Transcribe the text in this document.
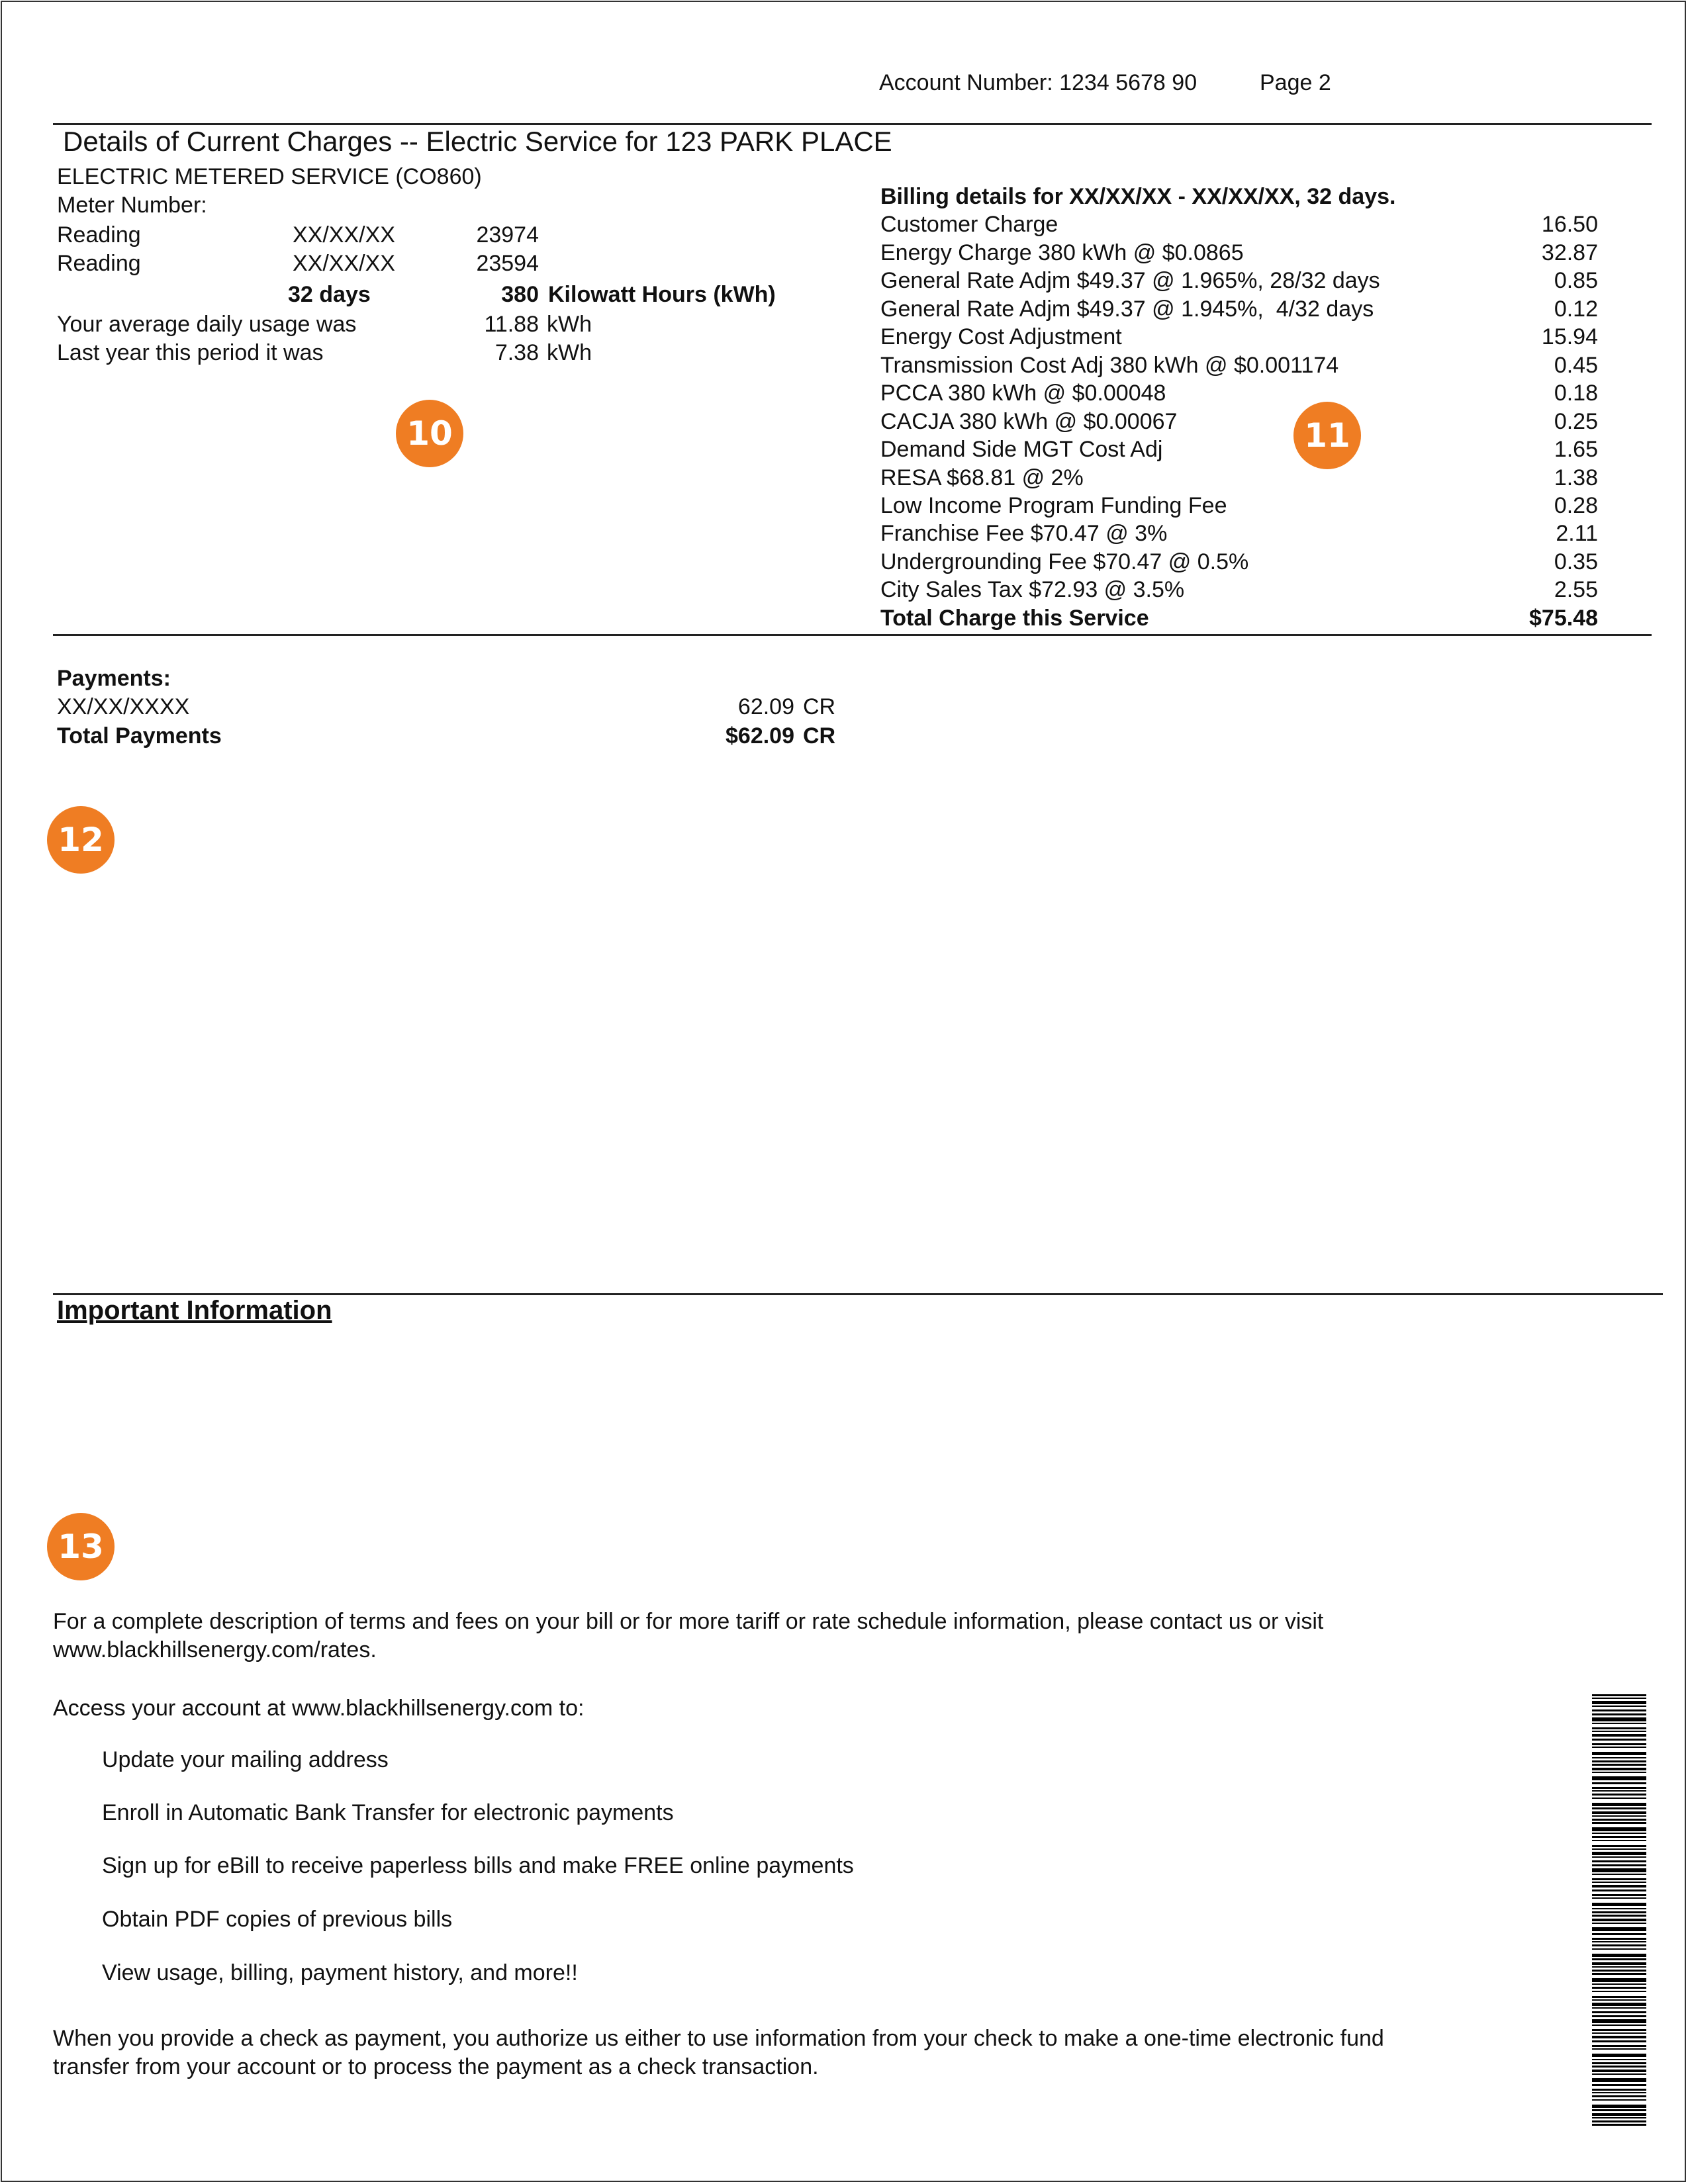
Account Number: 1234 5678 90	Page 2
Details of Current Charges -- Electric Service for 123 PARK PLACE
ELECTRIC METERED SERVICE (CO860)
Meter Number:
Reading	XX/XX/XX	23974
Reading	XX/XX/XX	23594
32 days	380 Kilowatt Hours (kWh)
Your average daily usage was	11.88 kWh
Last year this period it was	7.38 kWh
Billing details for XX/XX/XX - XX/XX/XX, 32 days.
Customer Charge	16.50
Energy Charge 380 kWh @ $0.0865	32.87
General Rate Adjm $49.37 @ 1.965%, 28/32 days	0.85
General Rate Adjm $49.37 @ 1.945%,  4/32 days	0.12
Energy Cost Adjustment	15.94
Transmission Cost Adj 380 kWh @ $0.001174	0.45
PCCA 380 kWh @ $0.00048	0.18
CACJA 380 kWh @ $0.00067	0.25
Demand Side MGT Cost Adj	1.65
RESA $68.81 @ 2%	1.38
Low Income Program Funding Fee	0.28
Franchise Fee $70.47 @ 3%	2.11
Undergrounding Fee $70.47 @ 0.5%	0.35
City Sales Tax $72.93 @ 3.5%	2.55
Total Charge this Service	$75.48
10	11
12
13
Payments:
XX/XX/XXXX	62.09 CR
Total Payments	$62.09 CR
Important Information
For a complete description of terms and fees on your bill or for more tariff or rate schedule information, please contact us or visit www.blackhillsenergy.com/rates.
Access your account at www.blackhillsenergy.com to:
Update your mailing address
Enroll in Automatic Bank Transfer for electronic payments
Sign up for eBill to receive paperless bills and make FREE online payments
Obtain PDF copies of previous bills
View usage, billing, payment history, and more!!
When you provide a check as payment, you authorize us either to use information from your check to make a one-time electronic fund transfer from your account or to process the payment as a check transaction.
